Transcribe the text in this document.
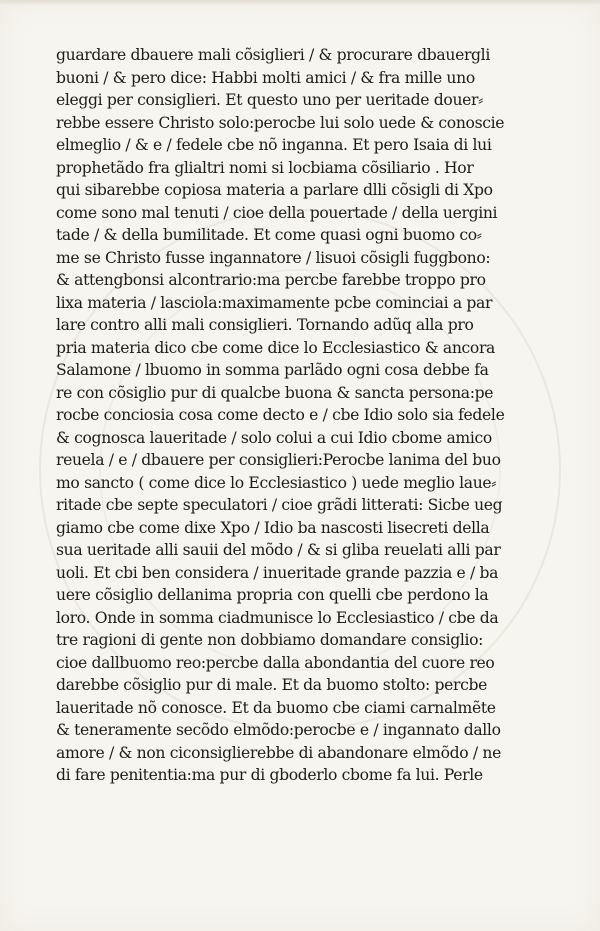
guardare dbauere mali cõsiglieri / & procurare dbauergli
buoni / & pero dice: Habbi molti amici / & fra mille uno
eleggi per consiglieri. Et questo uno per ueritade douer⸗
rebbe essere Christo solo:perocbe lui solo uede & conoscie
elmeglio / & e / fedele cbe nõ inganna. Et pero Isaia di lui
prophetãdo fra glialtri nomi si locbiama cõsiliario . Hor
qui sibarebbe copiosa materia a parlare dlli cõsigli di Xpo
come sono mal tenuti / cioe della pouertade / della uergini
tade / & della bumilitade. Et come quasi ogni buomo co⸗
me se Christo fusse ingannatore / lisuoi cõsigli fuggbono:
& attengbonsi alcontrario:ma percbe farebbe troppo pro
lixa materia / lasciola:maximamente pcbe cominciai a par
lare contro alli mali consiglieri. Tornando adũq alla pro
pria materia dico cbe come dice lo Ecclesiastico & ancora
Salamone / lbuomo in somma parlãdo ogni cosa debbe fa
re con cõsiglio pur di qualcbe buona & sancta persona:pe
rocbe conciosia cosa come decto e / cbe Idio solo sia fedele
& cognosca laueritade / solo colui a cui Idio cbome amico
reuela / e / dbauere per consiglieri:Perocbe lanima del buo
mo sancto ( come dice lo Ecclesiastico ) uede meglio laue⸗
ritade cbe septe speculatori / cioe grãdi litterati: Sicbe ueg
giamo cbe come dixe Xpo / Idio ba nascosti lisecreti della
sua ueritade alli sauii del mõdo / & si gliba reuelati alli par
uoli. Et cbi ben considera / inueritade grande pazzia e / ba
uere cõsiglio dellanima propria con quelli cbe perdono la
loro. Onde in somma ciadmunisce lo Ecclesiastico / cbe da
tre ragioni di gente non dobbiamo domandare consiglio:
cioe dallbuomo reo:percbe dalla abondantia del cuore reo
darebbe cõsiglio pur di male. Et da buomo stolto: percbe
laueritade nõ conosce. Et da buomo cbe ciami carnalmẽte
& teneramente secõdo elmõdo:perocbe e / ingannato dallo
amore / & non ciconsiglierebbe di abandonare elmõdo / ne
di fare penitentia:ma pur di gboderlo cbome fa lui. Perle
